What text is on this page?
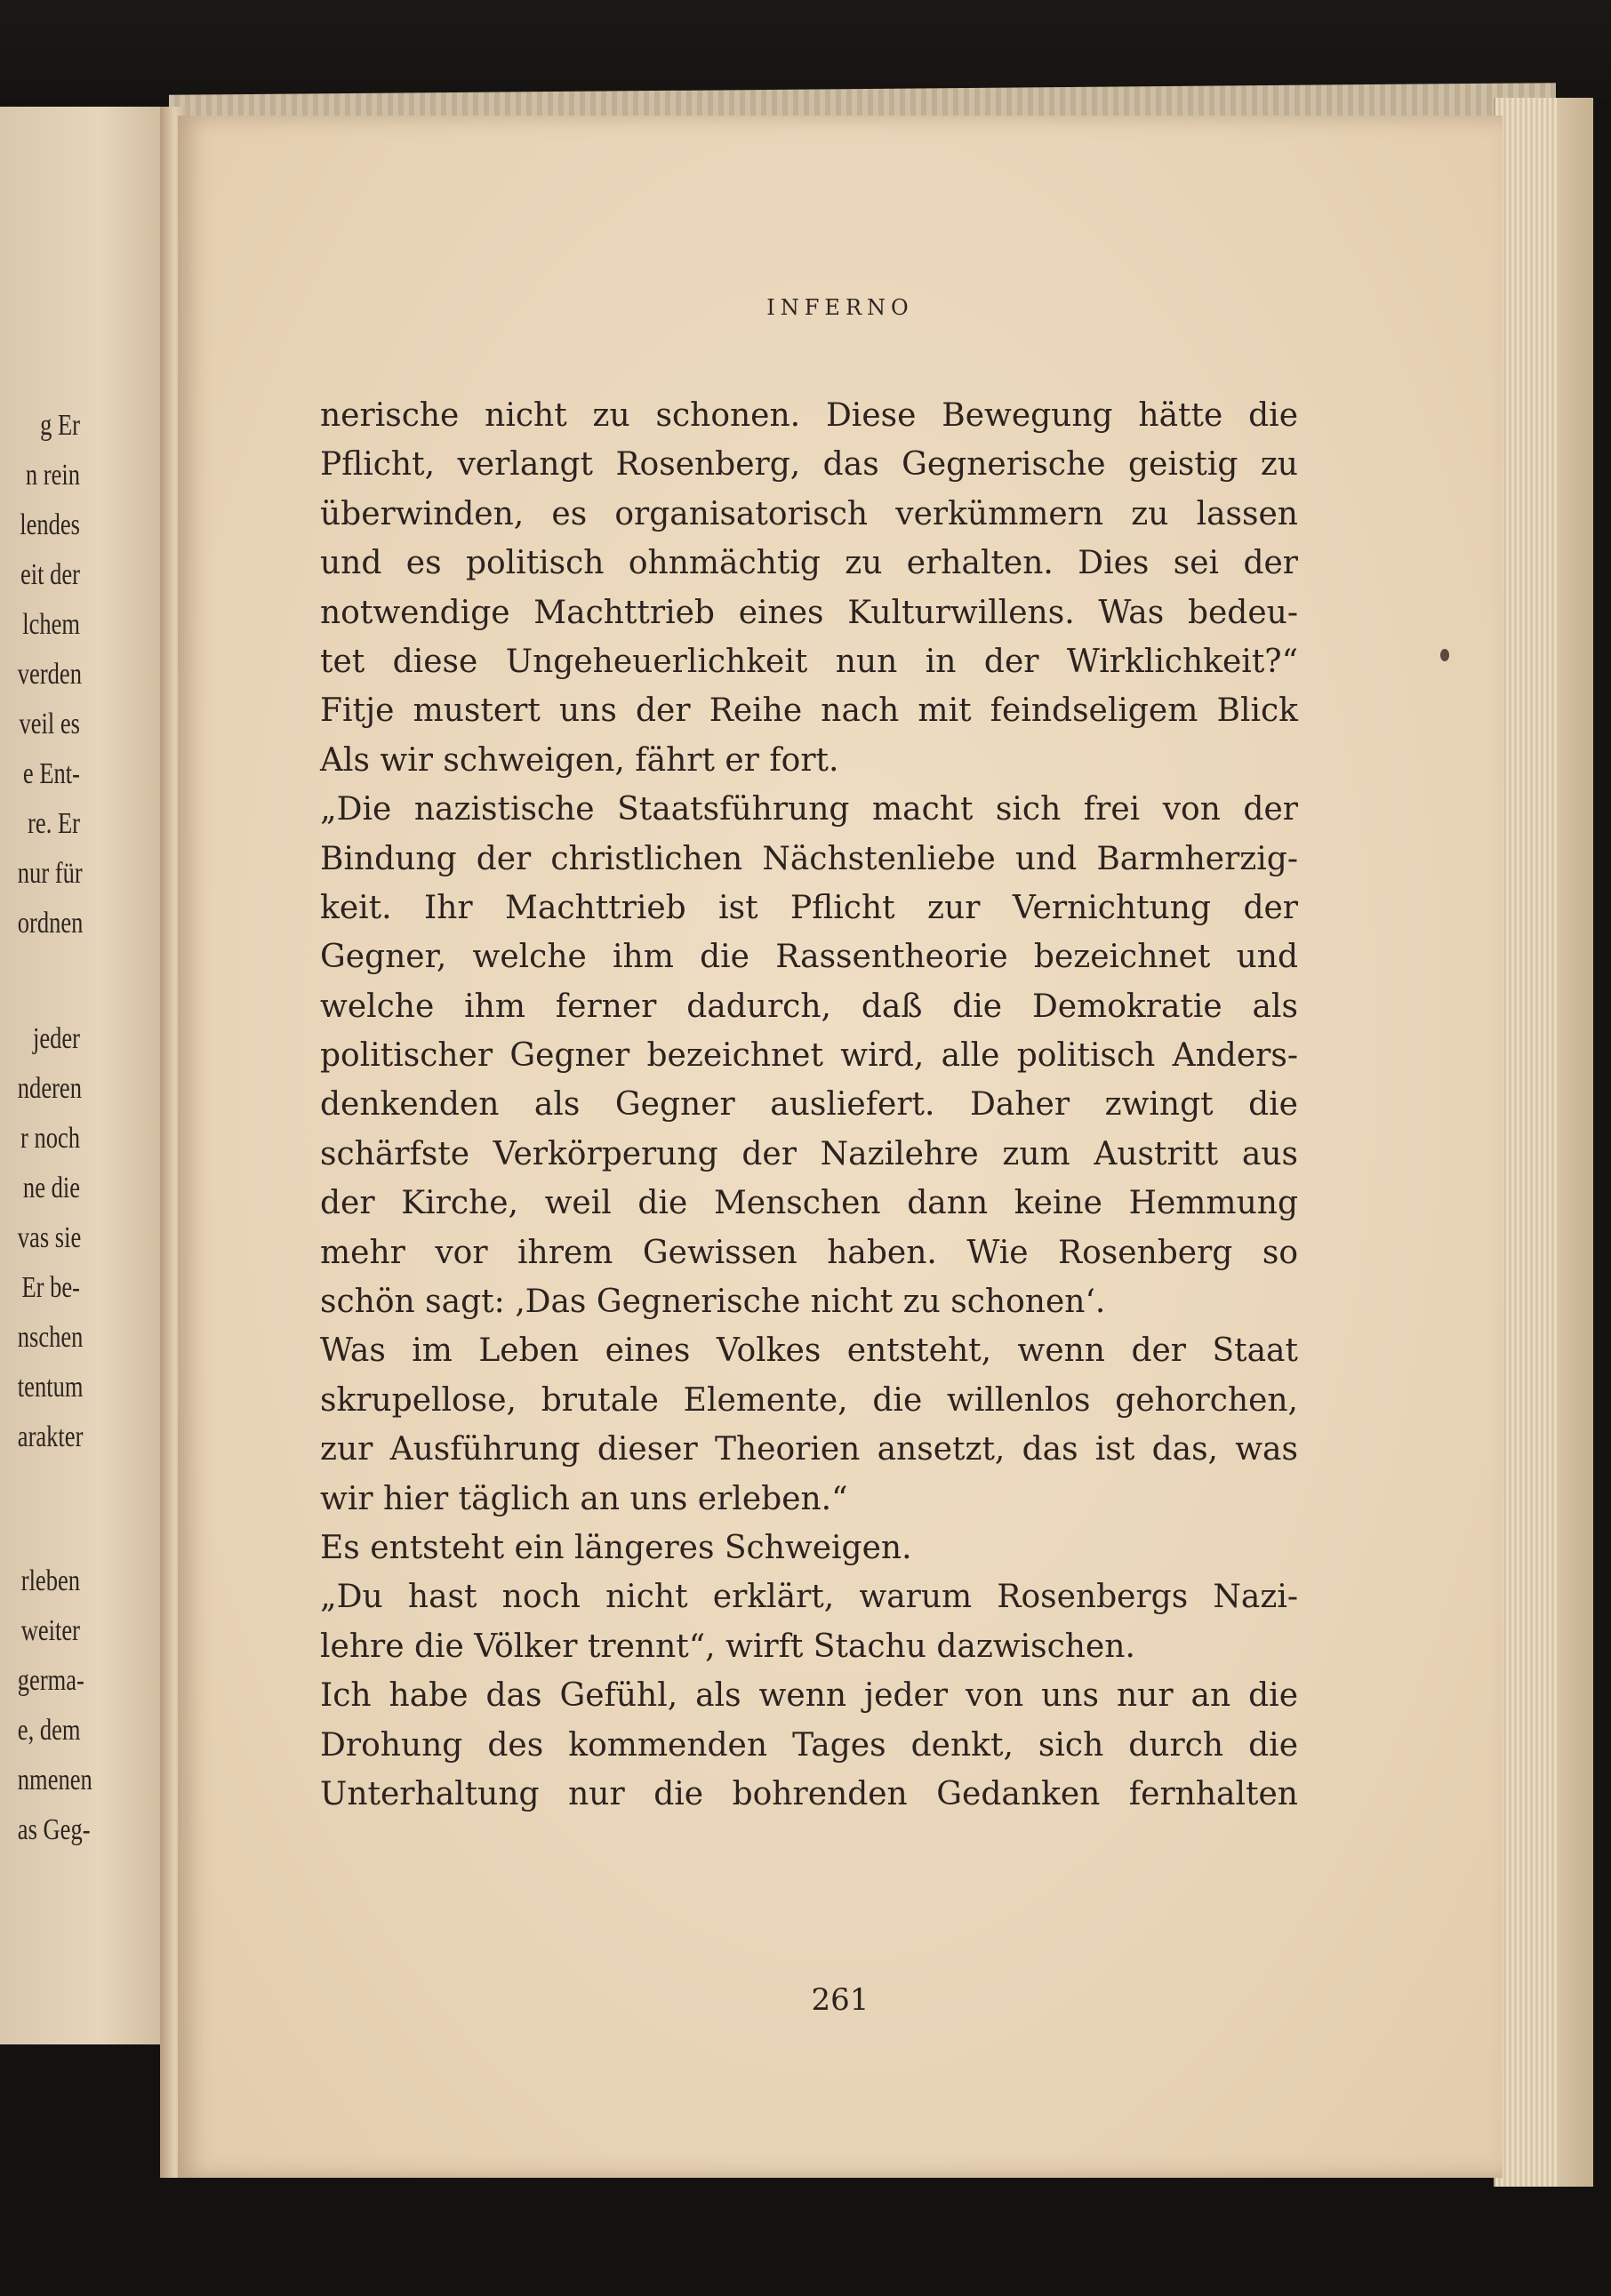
g Er
n rein
lendes
eit der
lchem
verden
veil es
e Ent-
re. Er
nur für
ordnen
jeder
nderen
r noch
ne die
vas sie
Er be-
nschen
tentum
arakter
rleben
weiter
germa-
e, dem
nmenen
as Geg-
INFERNO
nerische nicht zu schonen. Diese Bewegung hätte die
Pflicht, verlangt Rosenberg, das Gegnerische geistig zu
überwinden, es organisatorisch verkümmern zu lassen
und es politisch ohnmächtig zu erhalten. Dies sei der
notwendige Machttrieb eines Kulturwillens. Was bedeu-
tet diese Ungeheuerlichkeit nun in der Wirklichkeit?“
Fitje mustert uns der Reihe nach mit feindseligem Blick
Als wir schweigen, fährt er fort.
„Die nazistische Staatsführung macht sich frei von der
Bindung der christlichen Nächstenliebe und Barmherzig-
keit. Ihr Machttrieb ist Pflicht zur Vernichtung der
Gegner, welche ihm die Rassentheorie bezeichnet und
welche ihm ferner dadurch, daß die Demokratie als
politischer Gegner bezeichnet wird, alle politisch Anders-
denkenden als Gegner ausliefert. Daher zwingt die
schärfste Verkörperung der Nazilehre zum Austritt aus
der Kirche, weil die Menschen dann keine Hemmung
mehr vor ihrem Gewissen haben. Wie Rosenberg so
schön sagt: ‚Das Gegnerische nicht zu schonen‘.
Was im Leben eines Volkes entsteht, wenn der Staat
skrupellose, brutale Elemente, die willenlos gehorchen,
zur Ausführung dieser Theorien ansetzt, das ist das, was
wir hier täglich an uns erleben.“
Es entsteht ein längeres Schweigen.
„Du hast noch nicht erklärt, warum Rosenbergs Nazi-
lehre die Völker trennt“, wirft Stachu dazwischen.
Ich habe das Gefühl, als wenn jeder von uns nur an die
Drohung des kommenden Tages denkt, sich durch die
Unterhaltung nur die bohrenden Gedanken fernhalten
261
